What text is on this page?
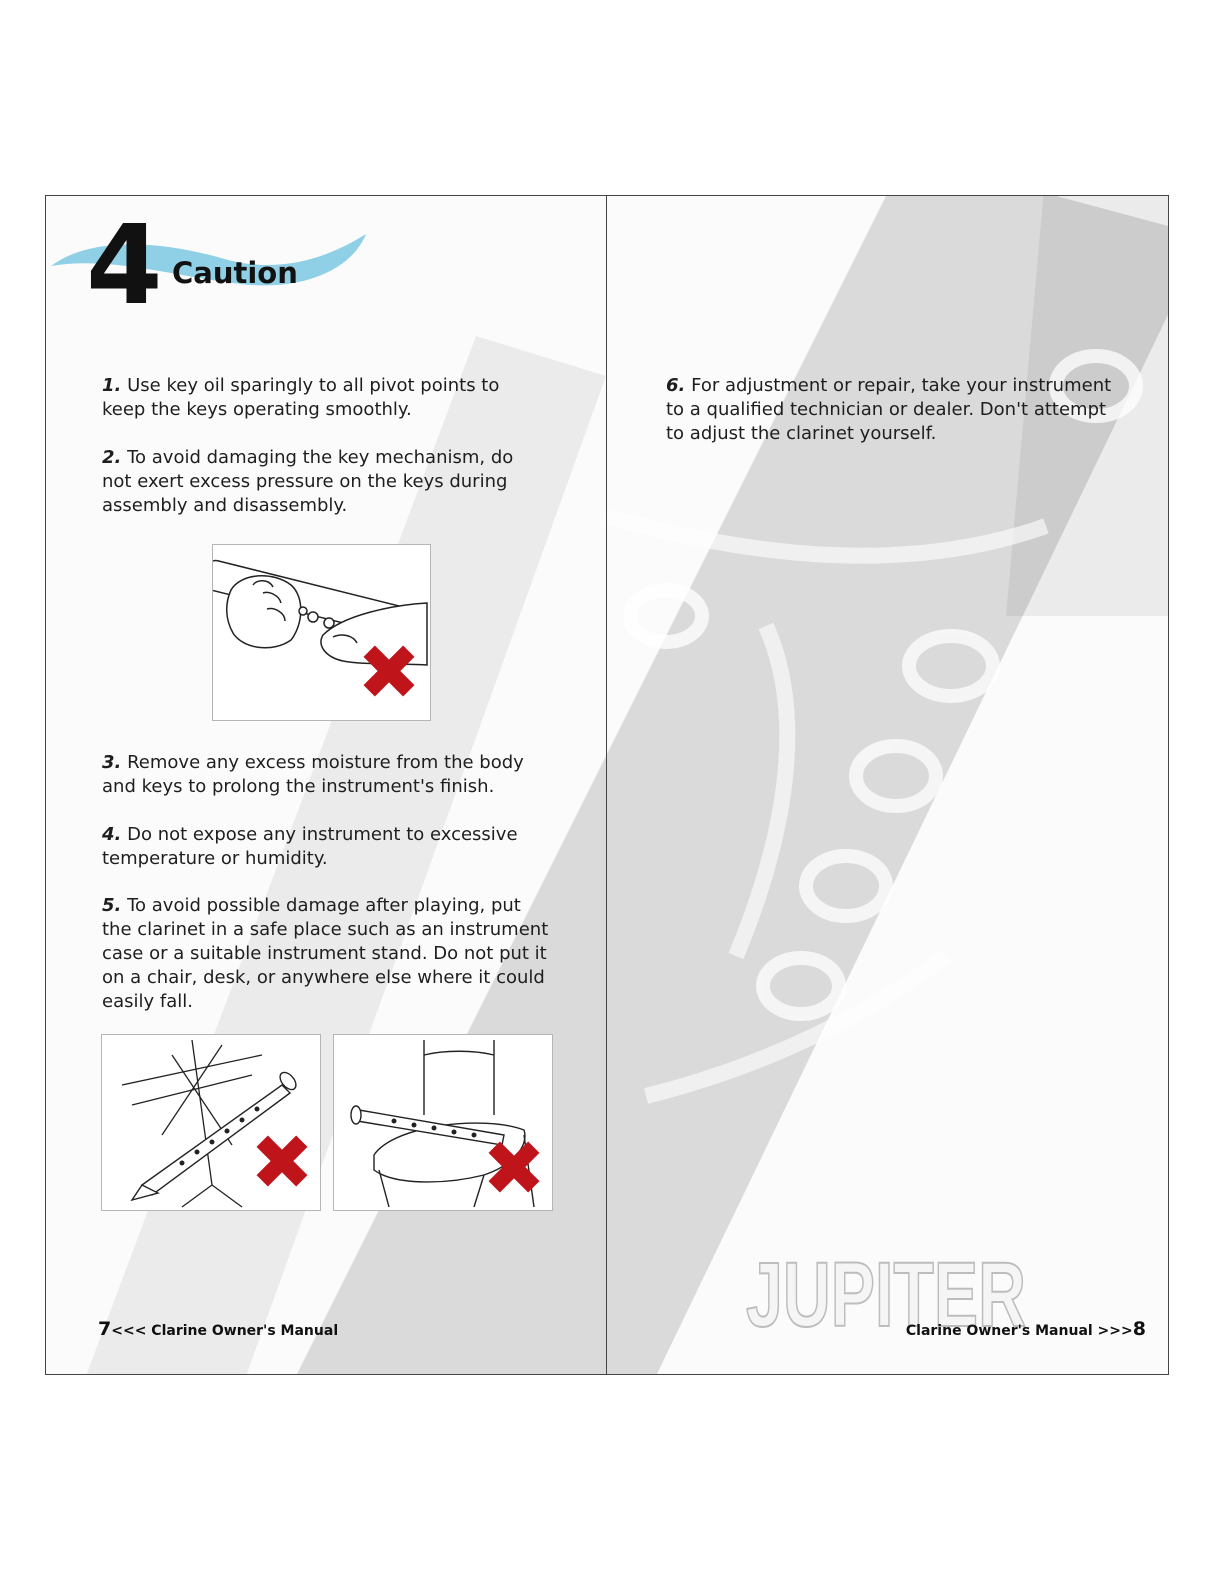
4 Caution
1. Use key oil sparingly to all pivot points to keep the keys operating smoothly.
2. To avoid damaging the key mechanism, do not exert excess pressure on the keys during assembly and disassembly.
3. Remove any excess moisture from the body and keys to prolong the instrument's finish.
4. Do not expose any instrument to excessive temperature or humidity.
5. To avoid possible damage after playing, put the clarinet in a safe place such as an instrument case or a suitable instrument stand. Do not put it on a chair, desk, or anywhere else where it could easily fall.
7<<< Clarine Owner's Manual
6. For adjustment or repair, take your instrument to a qualified technician or dealer. Don't attempt to adjust the clarinet yourself.
JUPITER
Clarine Owner's Manual >>>8
